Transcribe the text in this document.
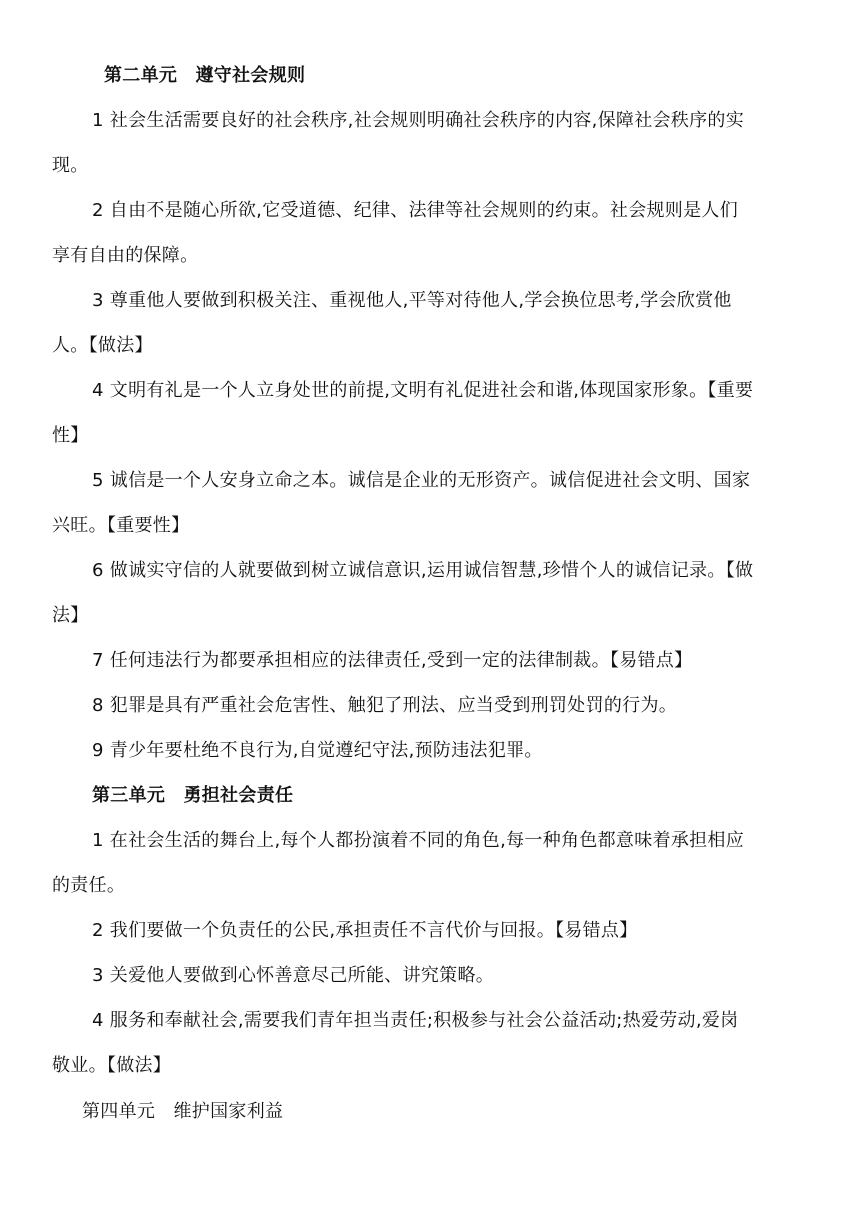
第二单元　遵守社会规则
1 社会生活需要良好的社会秩序,社会规则明确社会秩序的内容,保障社会秩序的实
现。
2 自由不是随心所欲,它受道德、纪律、法律等社会规则的约束。社会规则是人们
享有自由的保障。
3 尊重他人要做到积极关注、重视他人,平等对待他人,学会换位思考,学会欣赏他
人。【做法】
4 文明有礼是一个人立身处世的前提,文明有礼促进社会和谐,体现国家形象。【重要
性】
5 诚信是一个人安身立命之本。诚信是企业的无形资产。诚信促进社会文明、国家
兴旺。【重要性】
6 做诚实守信的人就要做到树立诚信意识,运用诚信智慧,珍惜个人的诚信记录。【做
法】
7 任何违法行为都要承担相应的法律责任,受到一定的法律制裁。【易错点】
8 犯罪是具有严重社会危害性、触犯了刑法、应当受到刑罚处罚的行为。
9 青少年要杜绝不良行为,自觉遵纪守法,预防违法犯罪。
第三单元　勇担社会责任
1 在社会生活的舞台上,每个人都扮演着不同的角色,每一种角色都意味着承担相应
的责任。
2 我们要做一个负责任的公民,承担责任不言代价与回报。【易错点】
3 关爱他人要做到心怀善意尽己所能、讲究策略。
4 服务和奉献社会,需要我们青年担当责任;积极参与社会公益活动;热爱劳动,爱岗
敬业。【做法】
第四单元　维护国家利益
